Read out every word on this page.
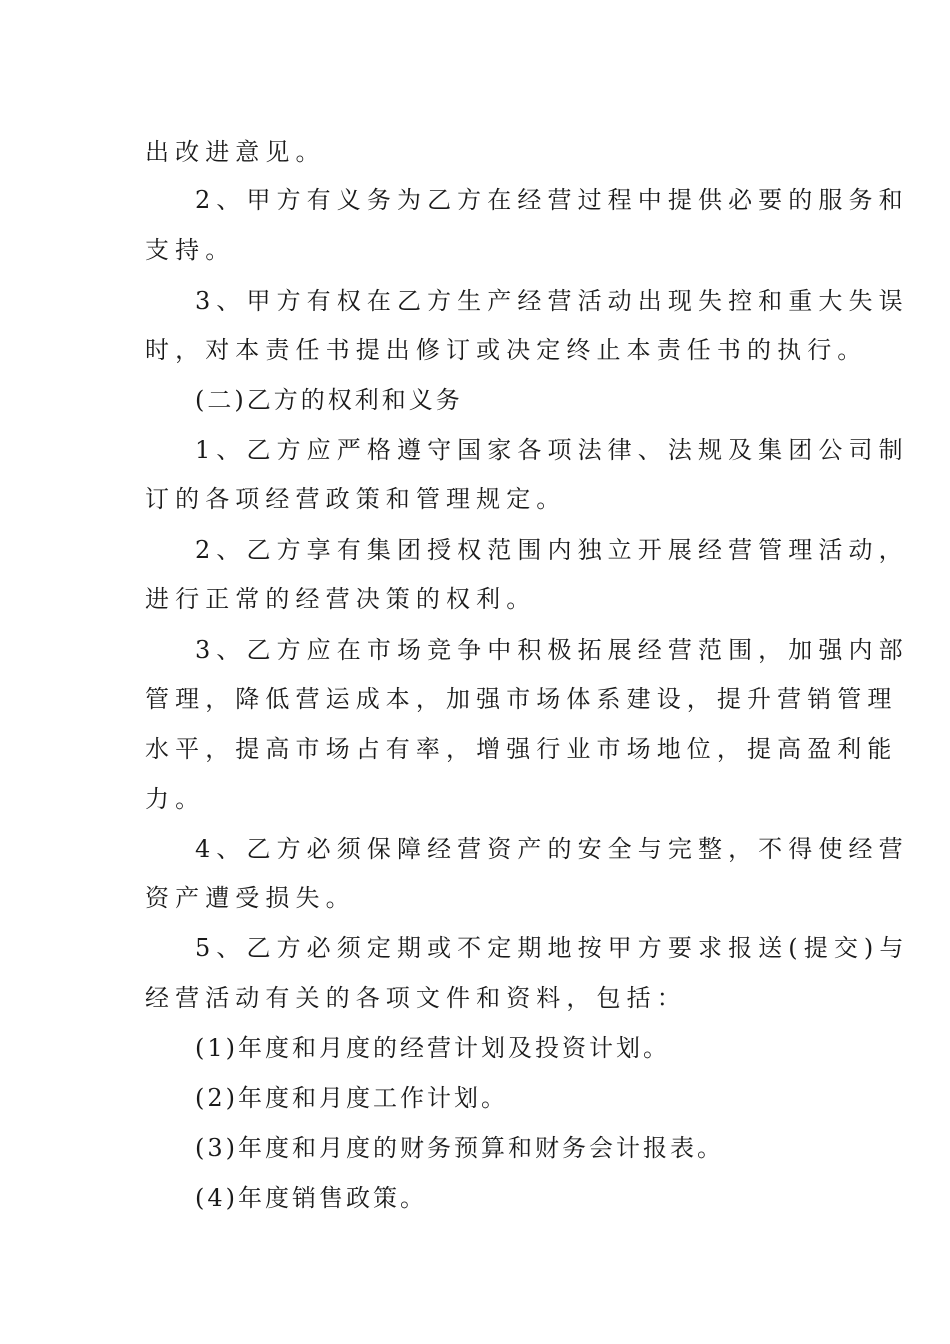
出改进意见。
2、甲方有义务为乙方在经营过程中提供必要的服务和
支持。
3、甲方有权在乙方生产经营活动出现失控和重大失误
时，对本责任书提出修订或决定终止本责任书的执行。
(二)乙方的权利和义务
1、乙方应严格遵守国家各项法律、法规及集团公司制
订的各项经营政策和管理规定。
2、乙方享有集团授权范围内独立开展经营管理活动，
进行正常的经营决策的权利。
3、乙方应在市场竞争中积极拓展经营范围，加强内部
管理，降低营运成本，加强市场体系建设，提升营销管理
水平，提高市场占有率，增强行业市场地位，提高盈利能
力。
4、乙方必须保障经营资产的安全与完整，不得使经营
资产遭受损失。
5、乙方必须定期或不定期地按甲方要求报送(提交)与
经营活动有关的各项文件和资料，包括：
(1)年度和月度的经营计划及投资计划。
(2)年度和月度工作计划。
(3)年度和月度的财务预算和财务会计报表。
(4)年度销售政策。
